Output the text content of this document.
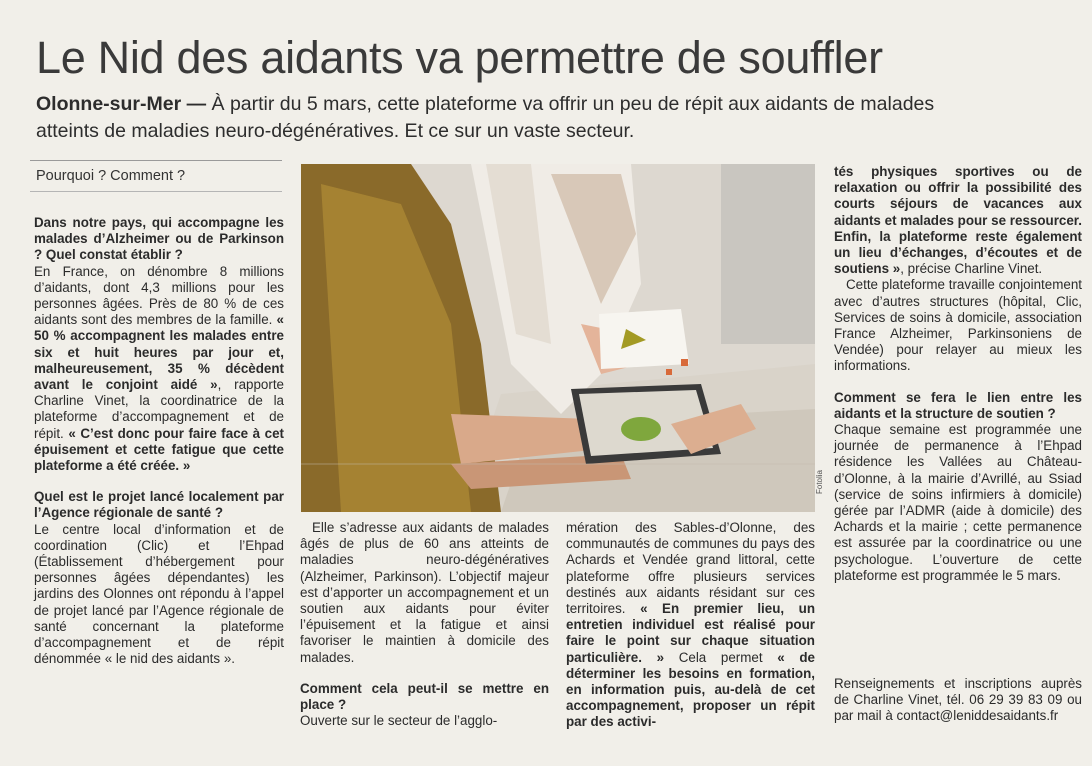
Le Nid des aidants va permettre de souffler
Olonne-sur-Mer — À partir du 5 mars, cette plateforme va offrir un peu de répit aux aidants de malades atteints de maladies neuro-dégénératives. Et ce sur un vaste secteur.
Pourquoi ? Comment ?
Dans notre pays, qui accompagne les malades d’Alzheimer ou de Parkinson ? Quel constat établir ?

En France, on dénombre 8 millions d’aidants, dont 4,3 millions pour les personnes âgées. Près de 80 % de ces aidants sont des membres de la famille. « 50 % accompagnent les malades entre six et huit heures par jour et, malheureusement, 35 % décèdent avant le conjoint aidé », rapporte Charline Vinet, la coordinatrice de la plateforme d’accompagnement et de répit. « C’est donc pour faire face à cet épuisement et cette fatigue que cette plateforme a été créée. »

Quel est le projet lancé localement par l’Agence régionale de santé ?

Le centre local d’information et de coordination (Clic) et l’Ehpad (Établissement d’hébergement pour personnes âgées dépendantes) les jardins des Olonnes ont répondu à l’appel de projet lancé par l’Agence régionale de santé concernant la plateforme d’accompagnement et de répit dénommée « le nid des aidants ».

Fotolia

Elle s’adresse aux aidants de malades âgés de plus de 60 ans atteints de maladies neuro-dégénératives (Alzheimer, Parkinson). L’objectif majeur est d’apporter un accompagnement et un soutien aux aidants pour éviter l’épuisement et la fatigue et ainsi favoriser le maintien à domicile des malades.

Comment cela peut-il se mettre en place ?

Ouverte sur le secteur de l’agglo-

mération des Sables-d’Olonne, des communautés de communes du pays des Achards et Vendée grand littoral, cette plateforme offre plusieurs services destinés aux aidants résidant sur ces territoires. « En premier lieu, un entretien individuel est réalisé pour faire le point sur chaque situation particulière. » Cela permet « de déterminer les besoins en formation, en information puis, au-delà de cet accompagnement, proposer un répit par des activi-

tés physiques sportives ou de relaxation ou offrir la possibilité des courts séjours de vacances aux aidants et malades pour se ressourcer. Enfin, la plateforme reste également un lieu d’échanges, d’écoutes et de soutiens », précise Charline Vinet.

Cette plateforme travaille conjointement avec d’autres structures (hôpital, Clic, Services de soins à domicile, association France Alzheimer, Parkinsoniens de Vendée) pour relayer au mieux les informations.

Comment se fera le lien entre les aidants et la structure de soutien ?

Chaque semaine est programmée une journée de permanence à l’Ehpad résidence les Vallées au Château-d’Olonne, à la mairie d’Avrillé, au Ssiad (service de soins infirmiers à domicile) gérée par l’ADMR (aide à domicile) des Achards et la mairie ; cette permanence est assurée par la coordinatrice ou une psychologue. L’ouverture de cette plateforme est programmée le 5 mars.

Renseignements et inscriptions auprès de Charline Vinet, tél. 06 29 39 83 09 ou par mail à contact@leniddesaidants.fr
